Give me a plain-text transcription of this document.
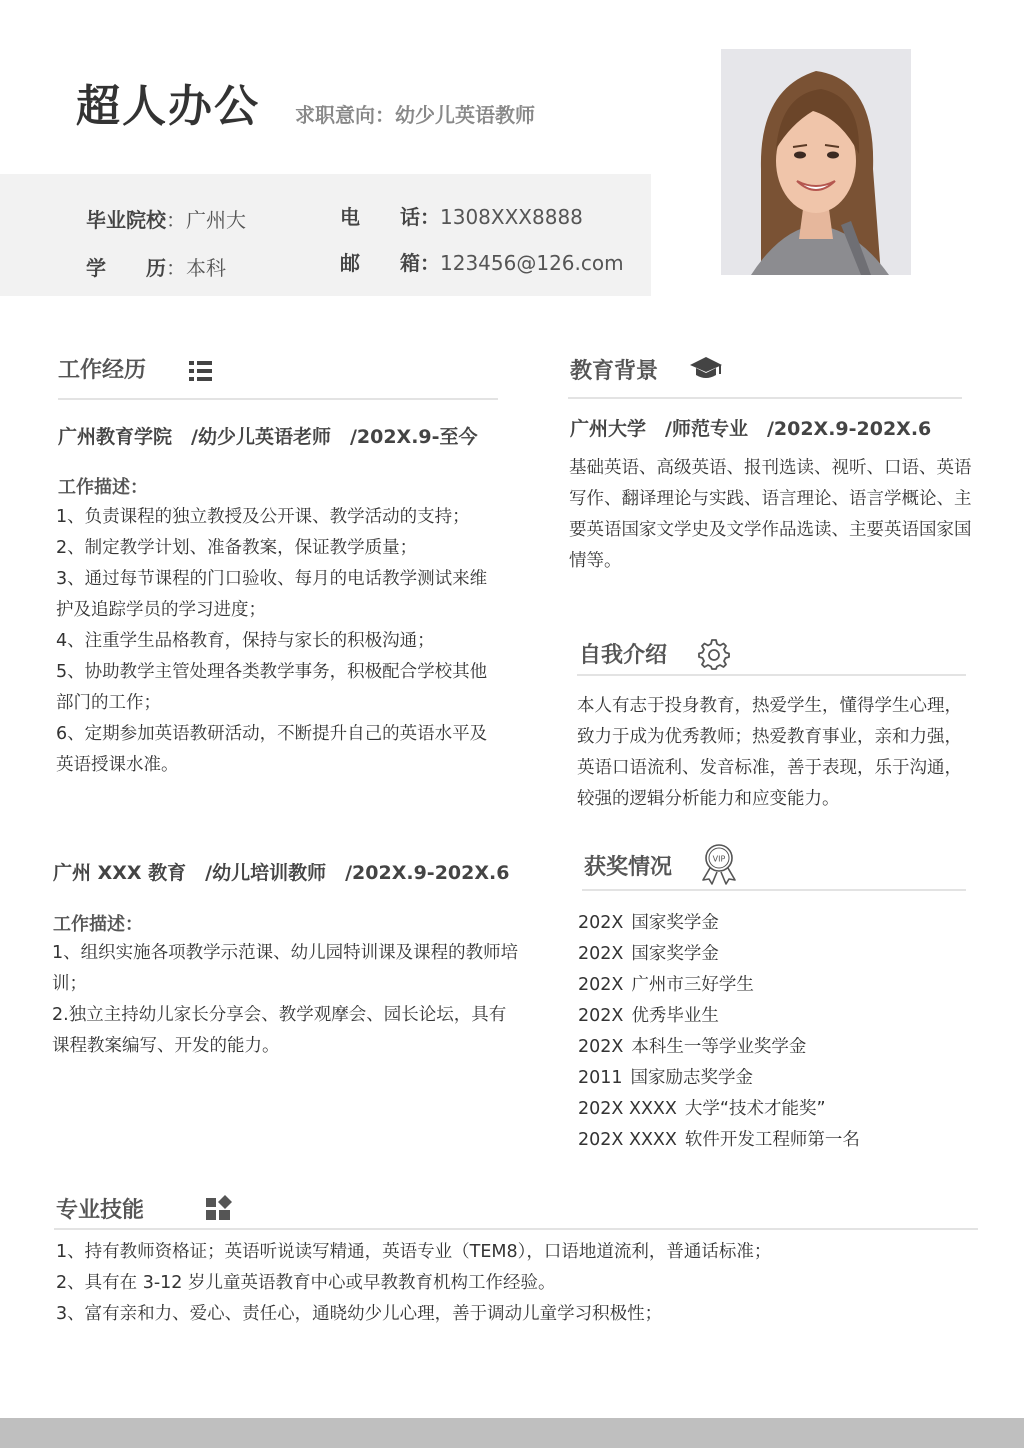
超人办公 求职意向：幼少儿英语教师
毕业院校：广州大
学　　历：本科
电　　话：1308XXX8888
邮　　箱：123456@126.com
工作经历
广州教育学院　/幼少儿英语老师　/202X.9-至今
工作描述：

1、负责课程的独立教授及公开课、教学活动的支持；

2、制定教学计划、准备教案，保证教学质量；

3、通过每节课程的门口验收、每月的电话教学测试来维护及追踪学员的学习进度；

4、注重学生品格教育，保持与家长的积极沟通；

5、协助教学主管处理各类教学事务，积极配合学校其他部门的工作；

6、定期参加英语教研活动，不断提升自己的英语水平及英语授课水准。

广州 XXX 教育　/幼儿培训教师　/202X.9-202X.6
工作描述：

1、组织实施各项教学示范课、幼儿园特训课及课程的教师培训；

2.独立主持幼儿家长分享会、教学观摩会、园长论坛，具有课程教案编写、开发的能力。

教育背景
广州大学　/师范专业　/202X.9-202X.6
基础英语、高级英语、报刊选读、视听、口语、英语写作、翻译理论与实践、语言理论、语言学概论、主要英语国家文学史及文学作品选读、主要英语国家国情等。
自我介绍
本人有志于投身教育，热爱学生，懂得学生心理，致力于成为优秀教师；热爱教育事业，亲和力强，英语口语流利、发音标准，善于表现，乐于沟通，较强的逻辑分析能力和应变能力。
获奖情况	VIP
202X 国家奖学金
202X 国家奖学金
202X 广州市三好学生
202X 优秀毕业生
202X 本科生一等学业奖学金
2011 国家励志奖学金
202X XXXX 大学“技术才能奖”
202X XXXX 软件开发工程师第一名
专业技能

1、持有教师资格证；英语听说读写精通，英语专业（TEM8），口语地道流利，普通话标准；

2、具有在 3-12 岁儿童英语教育中心或早教教育机构工作经验。

3、富有亲和力、爱心、责任心，通晓幼少儿心理，善于调动儿童学习积极性；
